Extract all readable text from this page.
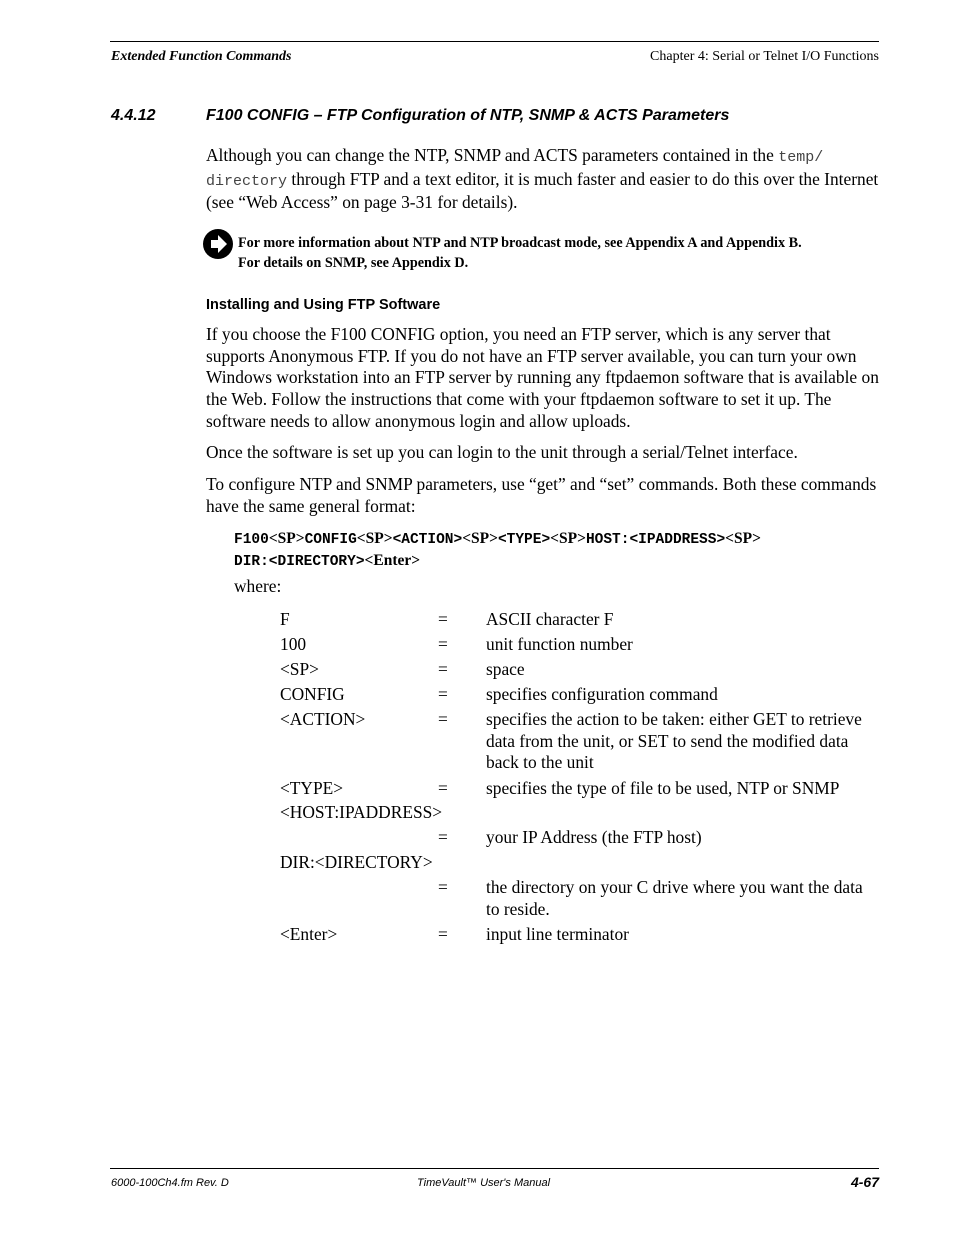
Extended Function Commands	Chapter 4: Serial or Telnet I/O Functions
4.4.12	F100 CONFIG – FTP Configuration of NTP, SNMP & ACTS Parameters

Although you can change the NTP, SNMP and ACTS parameters contained in the temp/
directory through FTP and a text editor, it is much faster and easier to do this over the Internet (see “Web Access” on page 3-31 for details).

For more information about NTP and NTP broadcast mode, see Appendix A and Appendix B.
For details on SNMP, see Appendix D.
Installing and Using FTP Software

If you choose the F100 CONFIG option, you need an FTP server, which is any server that supports Anonymous FTP. If you do not have an FTP server available, you can turn your own Windows workstation into an FTP server by running any ftpdaemon software that is available on the Web. Follow the instructions that come with your ftpdaemon software to set it up. The software needs to allow anonymous login and allow uploads.

Once the software is set up you can login to the unit through a serial/Telnet interface.

To configure NTP and SNMP parameters, use “get” and “set” commands. Both these commands have the same general format:

F100<SP>CONFIG<SP><ACTION><SP><TYPE><SP>HOST:<IPADDRESS><SP>
DIR:<DIRECTORY><Enter>
where:
F	= ASCII character F
100	= unit function number
<SP>	= space
CONFIG	= specifies configuration command
<ACTION>	= specifies the action to be taken: either GET to retrieve data from the unit, or SET to send the modified data back to the unit
<TYPE>	= specifies the type of file to be used, NTP or SNMP
<HOST:IPADDRESS>
= your IP Address (the FTP host)
DIR:<DIRECTORY>
= the directory on your C drive where you want the data to reside.
<Enter>	= input line terminator
6000-100Ch4.fm Rev. D	TimeVault™ User's Manual	4-67
